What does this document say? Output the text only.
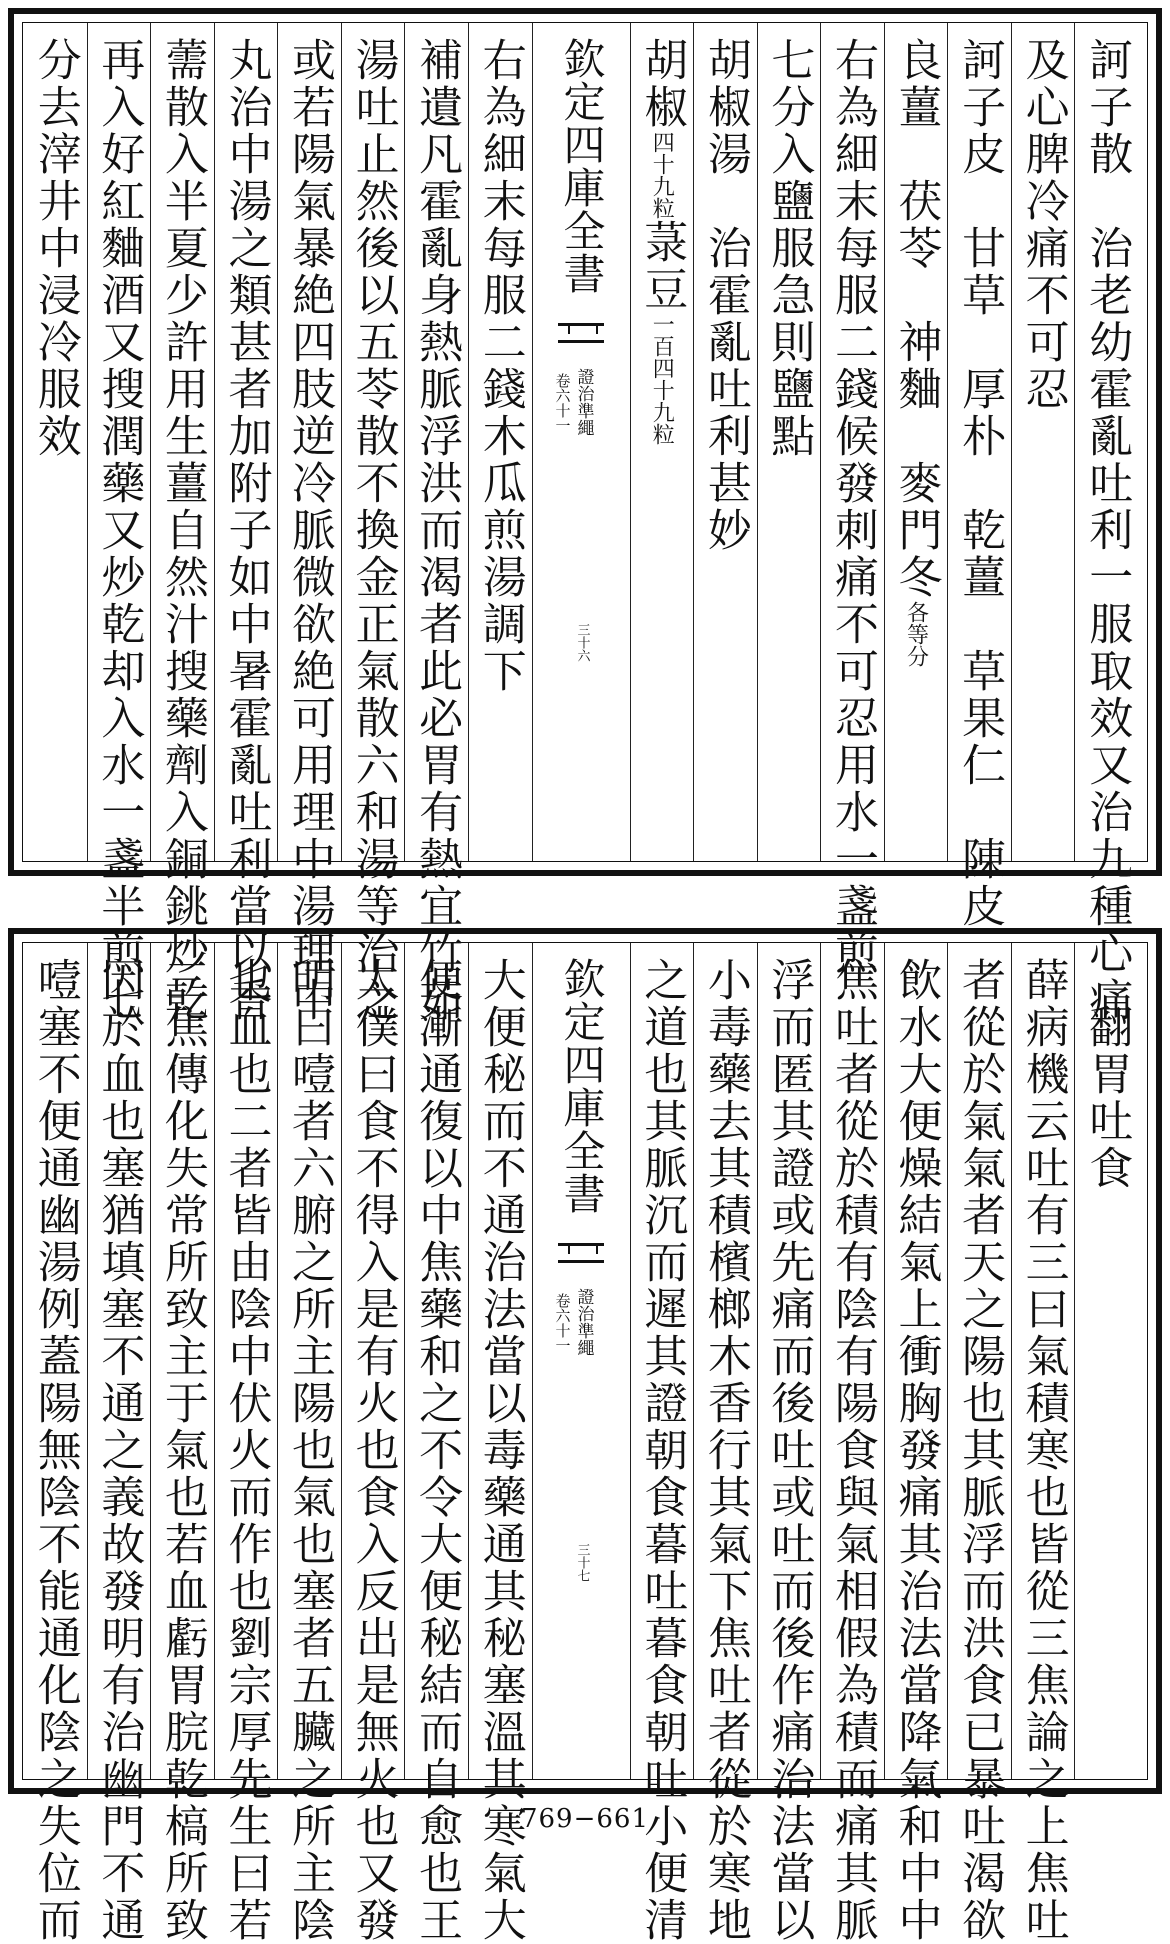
訶子散　治老幼霍亂吐利一服取效又治九種心痛
及心脾冷痛不可忍
訶子皮　甘草　厚朴　乾薑　草果仁　陳皮
良薑　茯苓　神麯　麥門冬各等分
右為細末每服二錢候發刺痛不可忍用水一盞煎
七分入鹽服急則鹽點
胡椒湯　治霍亂吐利甚妙
胡椒四十九粒菉豆一百四十九粒
欽定四庫全書
證治準繩
卷六十一
三十六
右為細末每服二錢木瓜煎湯調下
補遺凡霍亂身熱脈浮洪而渴者此必胃有熱宜竹茹
湯吐止然後以五苓散不換金正氣散六和湯等治之
或若陽氣暴絶四肢逆冷脈微欲絶可用理中湯理中
丸治中湯之類甚者加附子如中暑霍亂吐利當以香
薷散入半夏少許用生薑自然汁搜藥劑入銅銚炒乾
再入好紅麯酒又搜潤藥又炒乾却入水一盞半煎七
分去滓井中浸冷服效
　翻胃吐食
薛病機云吐有三曰氣積寒也皆從三焦論之上焦吐
者從於氣氣者天之陽也其脈浮而洪食已暴吐渴欲
飲水大便燥結氣上衝胸發痛其治法當降氣和中中
焦吐者從於積有陰有陽食與氣相假為積而痛其脈
浮而匿其證或先痛而後吐或吐而後作痛治法當以
小毒藥去其積檳榔木香行其氣下焦吐者從於寒地
之道也其脈沉而遲其證朝食暮吐暮食朝吐小便清
欽定四庫全書
證治準繩
卷六十一
三十七
大便秘而不通治法當以毒藥通其秘塞溫其寒氣大
便漸通復以中焦藥和之不令大便秘結而自愈也王
太僕曰食不得入是有火也食入反出是無火也又發
明曰噎者六腑之所主陽也氣也塞者五臟之所主陰
也血也二者皆由陰中伏火而作也劉宗厚先生曰若
三焦傳化失常所致主于氣也若血虧胃脘乾槁所致
因於血也塞猶填塞不通之義故發明有治幽門不通
噎塞不便通幽湯例蓋陽無陰不能通化陰之失位而	769−661
